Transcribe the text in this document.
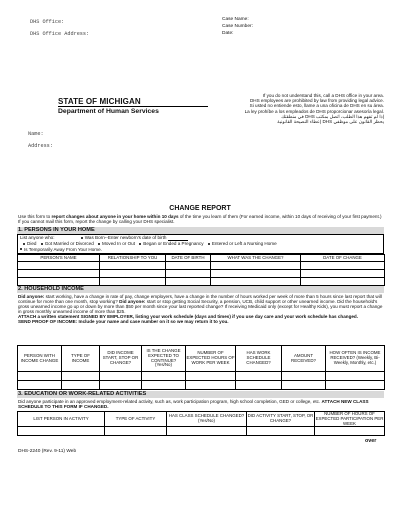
DHS Office:
DHS Office Address:
Case Name:
Case Number:
Date:
STATE OF MICHIGAN
Department of Human Services
If you do not understand this, call a DHS office in your area.
DHS employees are prohibited by law from providing legal advice.
Si usted no entiende esto, llame a una oficina de DHS en su área.
La ley prohíbe a los empleados de DHS proporcionar asesoría legal.
إذا لم تفهم هذا الطلب، اتصل بمكتب DHS في منطقتك
يحظر القانون على موظفي DHS إعطاء النصيحة القانونية
Name:
Address:
CHANGE REPORT
Use this form to report changes about anyone in your home within 10 days of the time you learn of them (For earned income, within 10 days of receiving of your first payment.) If you cannot mail this form, report the change by calling your DHS specialist.
1. PERSONS IN YOUR HOME
List anyone who:	Was Born--Enter newborn's date of birth
Died Got Married or Divorced Moved In or Out Began or Ended a Pregnancy Entered or Left a Nursing Home
Is Temporarily Away From Your Home.
PERSON'S NAME	RELATIONSHIP TO YOU	DATE OF BIRTH	WHAT WAS THE CHANGE?	DATE OF CHANGE

2. HOUSEHOLD INCOME
Did anyone: start working, have a change in rate of pay, change employers, have a change in the number of hours worked per week of more than 5 hours since last report that will continue for more than one month, stop working? Did anyone: start or stop getting Social Security, a pension, UCB, child support or other unearned income. Did the household's gross unearned income go up or down by more than $50 per month since your last reported change? If receiving Medicaid only (except for Healthy Kids), you must report a change in gross monthly unearned income of more than $25.
ATTACH a written statement SIGNED BY EMPLOYER, listing your work schedule (days and times) if you use day care and your work schedule has changed.
SEND PROOF OF INCOME: Include your name and case number on it so we may return it to you.
PERSON WITH INCOME CHANGE	TYPE OF INCOME	DID INCOME START, STOP OR CHANGE?	IS THE CHANGE EXPECTED TO CONTINUE? (Yes/No)	NUMBER OF EXPECTED HOURS OF WORK PER WEEK	HAS WORK SCHEDULE CHANGED?	AMOUNT RECEIVED?	HOW OFTEN IS INCOME RECEIVED? (Weekly, Bi-Weekly, Monthly, etc.)

3. EDUCATION OR WORK-RELATED ACTIVITIES
Did anyone participate in an approved employment-related activity, such as, work participation program, high school completion, GED or college, etc. ATTACH NEW CLASS SCHEDULE TO THIS FORM IF CHANGED.
LIST PERSON IN ACTIVITY	TYPE OF ACTIVITY	HAS CLASS SCHEDULE CHANGED? (Yes/No)	DID ACTIVITY START, STOP, OR CHANGE?	NUMBER OF HOURS OF EXPECTED PARTICIPATION PER WEEK

over
DHS-2240 (Rev. 9-11) Web
